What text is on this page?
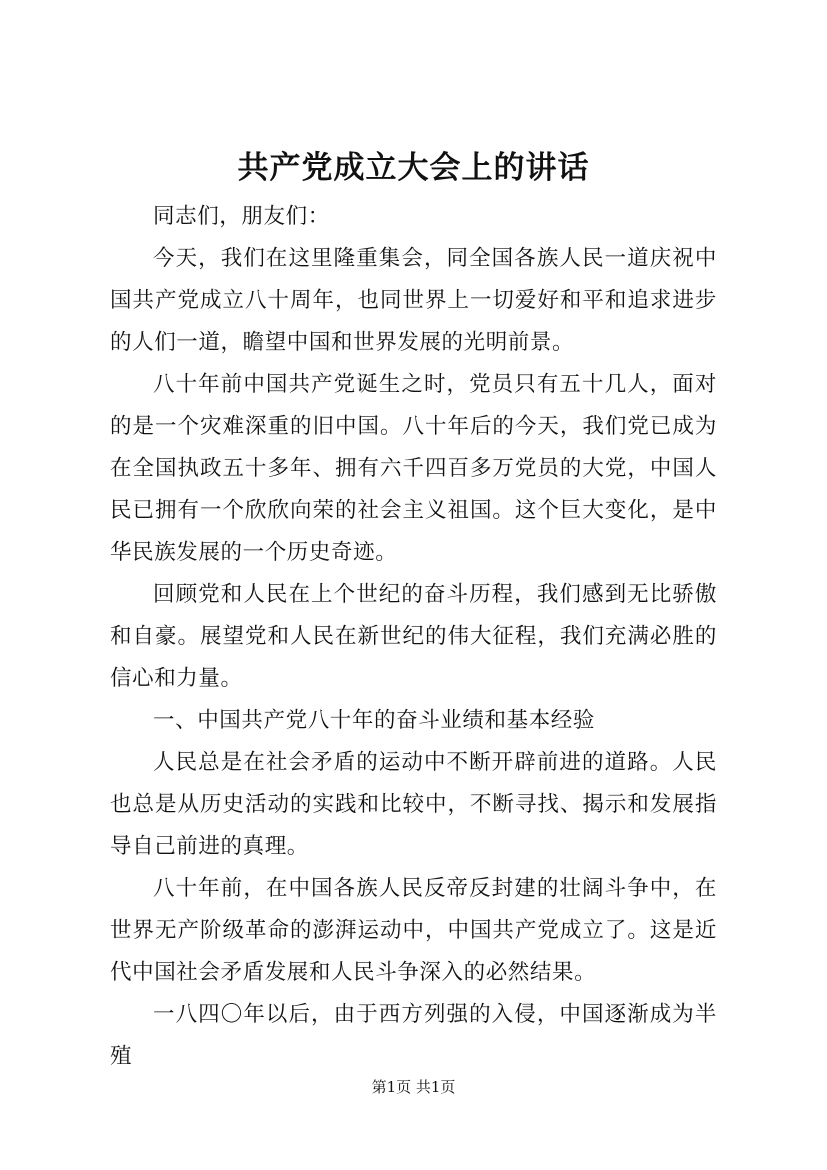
共产党成立大会上的讲话

同志们，朋友们：

今天，我们在这里隆重集会，同全国各族人民一道庆祝中国共产党成立八十周年，也同世界上一切爱好和平和追求进步的人们一道，瞻望中国和世界发展的光明前景。

八十年前中国共产党诞生之时，党员只有五十几人，面对的是一个灾难深重的旧中国。八十年后的今天，我们党已成为在全国执政五十多年、拥有六千四百多万党员的大党，中国人民已拥有一个欣欣向荣的社会主义祖国。这个巨大变化，是中华民族发展的一个历史奇迹。

回顾党和人民在上个世纪的奋斗历程，我们感到无比骄傲和自豪。展望党和人民在新世纪的伟大征程，我们充满必胜的信心和力量。

一、中国共产党八十年的奋斗业绩和基本经验

人民总是在社会矛盾的运动中不断开辟前进的道路。人民也总是从历史活动的实践和比较中，不断寻找、揭示和发展指导自己前进的真理。

八十年前，在中国各族人民反帝反封建的壮阔斗争中，在世界无产阶级革命的澎湃运动中，中国共产党成立了。这是近代中国社会矛盾发展和人民斗争深入的必然结果。

一八四〇年以后，由于西方列强的入侵，中国逐渐成为半殖

第1页 共1页
